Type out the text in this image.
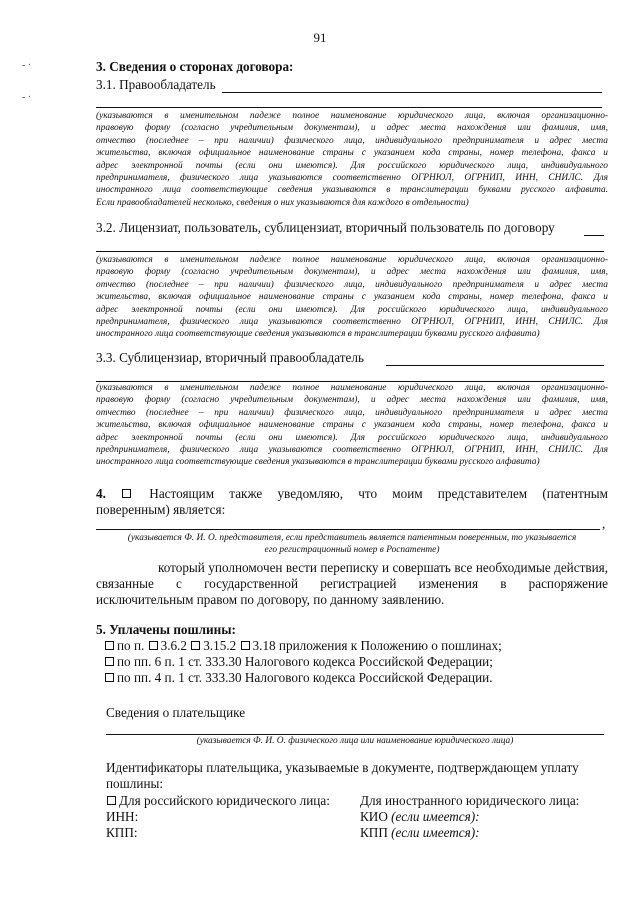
- ·
- ·
91
3. Сведения о сторонах договора:
3.1. Правообладатель
(указываются в именительном падеже полное наименование юридического лица, включая организационно-
правовую форму (согласно учредительным документам), и адрес места нахождения или фамилия, имя,
отчество (последнее – при наличии) физического лица, индивидуального предпринимателя и адрес места
жительства, включая официальное наименование страны с указанием кода страны, номер телефона, факса и
адрес электронной почты (если они имеются). Для российского юридического лица, индивидуального
предпринимателя, физического лица указываются соответственно ОГРНЮЛ, ОГРНИП, ИНН, СНИЛС. Для
иностранного лица соответствующие сведения указываются в транслитерации буквами русского алфавита.
Если правообладателей несколько, сведения о них указываются для каждого в отдельности)
3.2. Лицензиат, пользователь, сублицензиат, вторичный пользователь по договору
(указываются в именительном падеже полное наименование юридического лица, включая организационно-
правовую форму (согласно учредительным документам), и адрес места нахождения или фамилия, имя,
отчество (последнее – при наличии) физического лица, индивидуального предпринимателя и адрес места
жительства, включая официальное наименование страны с указанием кода страны, номер телефона, факса и
адрес электронной почты (если они имеются). Для российского юридического лица, индивидуального
предпринимателя, физического лица указываются соответственно ОГРНЮЛ, ОГРНИП, ИНН, СНИЛС. Для
иностранного лица соответствующие сведения указываются в транслитерации буквами русского алфавита)
3.3. Сублицензиар, вторичный правообладатель
(указываются в именительном падеже полное наименование юридического лица, включая организационно-
правовую форму (согласно учредительным документам), и адрес места нахождения или фамилия, имя,
отчество (последнее – при наличии) физического лица, индивидуального предпринимателя и адрес места
жительства, включая официальное наименование страны с указанием кода страны, номер телефона, факса и
адрес электронной почты (если они имеются). Для российского юридического лица, индивидуального
предпринимателя, физического лица указываются соответственно ОГРНЮЛ, ОГРНИП, ИНН, СНИЛС. Для
иностранного лица соответствующие сведения указываются в транслитерации буквами русского алфавита)
4.	Настоящим также уведомляю, что моим представителем (патентным
поверенным) является:
,
(указывается Ф. И. О. представителя, если представитель является патентным поверенным, то указывается
его регистрационный номер в Роспатенте)
который уполномочен вести переписку и совершать все необходимые действия,
связанные с государственной регистрацией изменения в распоряжение
исключительным правом по договору, по данному заявлению.
5. Уплачены пошлины:
по п. 3.6.2 3.15.2 3.18 приложения к Положению о пошлинах;
по пп. 6 п. 1 ст. 333.30 Налогового кодекса Российской Федерации;
по пп. 4 п. 1 ст. 333.30 Налогового кодекса Российской Федерации.
Сведения о плательщике
(указывается Ф. И. О. физического лица или наименование юридического лица)
Идентификаторы плательщика, указываемые в документе, подтверждающем уплату
пошлины:
Для российского юридического лица: Для иностранного юридического лица:
ИНН:
КПП:
КИО (если имеется):
КПП (если имеется):
